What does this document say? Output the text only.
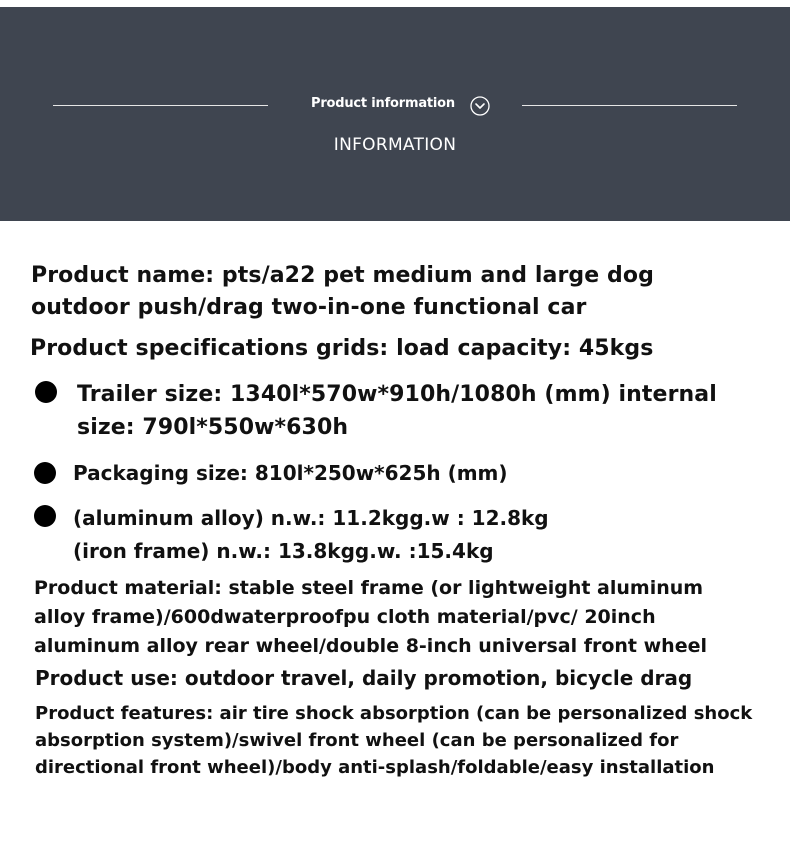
Product information
INFORMATION
Product name: pts/a22 pet medium and large dog
outdoor push/drag two-in-one functional car
Product specifications grids: load capacity: 45kgs
Trailer size: 1340l*570w*910h/1080h (mm) internal
size: 790l*550w*630h
Packaging size: 810l*250w*625h (mm)
(aluminum alloy) n.w.: 11.2kgg.w : 12.8kg
(iron frame) n.w.: 13.8kgg.w. :15.4kg
Product material: stable steel frame (or lightweight aluminum
alloy frame)/600dwaterproofpu cloth material/pvc/ 20inch
aluminum alloy rear wheel/double 8-inch universal front wheel
Product use: outdoor travel, daily promotion, bicycle drag
Product features: air tire shock absorption (can be personalized shock
absorption system)/swivel front wheel (can be personalized for
directional front wheel)/body anti-splash/foldable/easy installation
